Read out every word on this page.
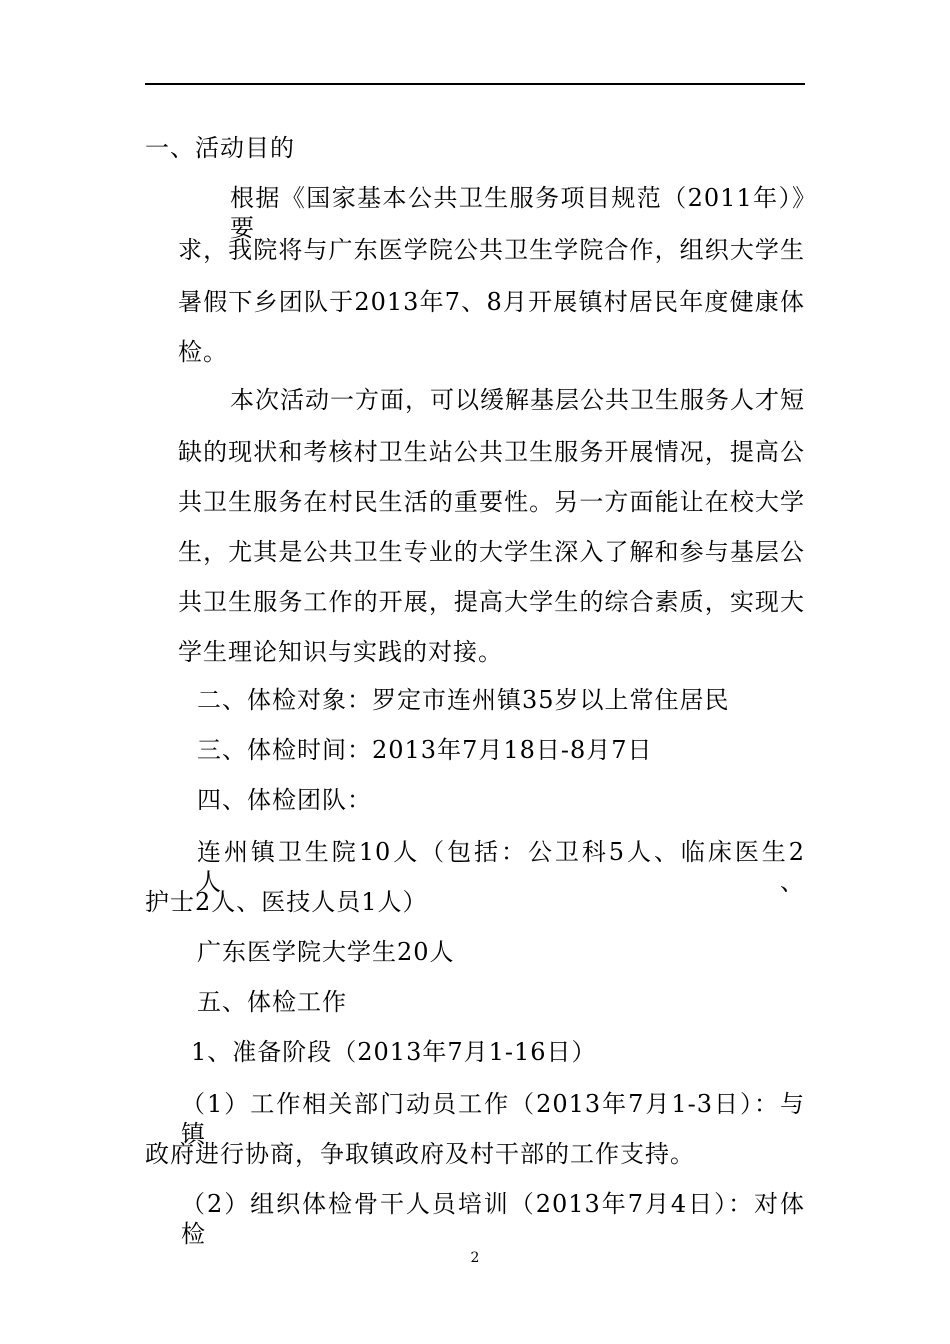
一、活动目的
根据《国家基本公共卫生服务项目规范（2011年）》要
求，我院将与广东医学院公共卫生学院合作，组织大学生
暑假下乡团队于2013年7、8月开展镇村居民年度健康体
检。
本次活动一方面，可以缓解基层公共卫生服务人才短
缺的现状和考核村卫生站公共卫生服务开展情况，提高公
共卫生服务在村民生活的重要性。另一方面能让在校大学
生，尤其是公共卫生专业的大学生深入了解和参与基层公
共卫生服务工作的开展，提高大学生的综合素质，实现大
学生理论知识与实践的对接。
二、体检对象：罗定市连州镇35岁以上常住居民
三、体检时间：2013年7月18日-8月7日
四、体检团队：
连州镇卫生院10人（包括：公卫科5人、临床医生2人、
护士2人、医技人员1人）
广东医学院大学生20人
五、体检工作
1、准备阶段（2013年7月1-16日）
（1）工作相关部门动员工作（2013年7月1-3日）：与镇
政府进行协商，争取镇政府及村干部的工作支持。
（2）组织体检骨干人员培训（2013年7月4日）：对体检
2
